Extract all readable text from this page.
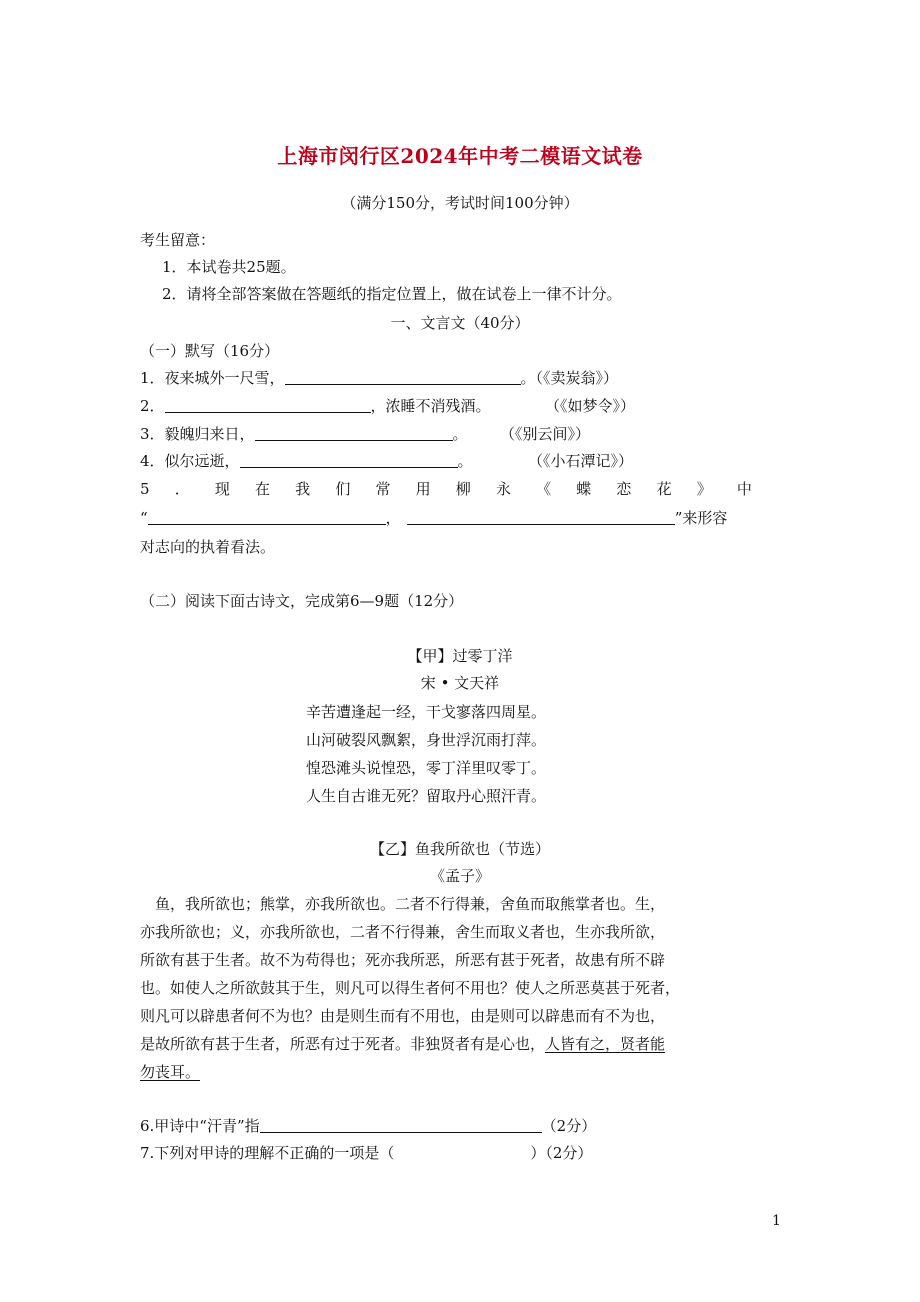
上海市闵行区2024年中考二模语文试卷
（满分150分，考试时间100分钟）
考生留意：
1．本试卷共25题。
2．请将全部答案做在答题纸的指定位置上，做在试卷上一律不计分。
一、文言文（40分）
（一）默写（16分）
1．夜来城外一尺雪，	。（《卖炭翁》）
2．	，浓睡不消残酒。	（《如梦令》）
3．毅魄归来日，	。 （《别云间》）
4．似尔远逝，	。	（《小石潭记》）
5 ． 现 在 我 们 常 用 柳 永 《 蝶 恋 花 》 中
“	，	”来形容
对志向的执着看法。
（二）阅读下面古诗文，完成第6—9题（12分）
【甲】过零丁洋
宋 • 文天祥
辛苦遭逢起一经，干戈寥落四周星。
山河破裂风飘絮，身世浮沉雨打萍。
惶恐滩头说惶恐，零丁洋里叹零丁。
人生自古谁无死？留取丹心照汗青。
【乙】鱼我所欲也（节选）
《孟子》
　鱼，我所欲也；熊掌，亦我所欲也。二者不行得兼，舍鱼而取熊掌者也。生，
亦我所欲也；义，亦我所欲也，二者不行得兼，舍生而取义者也，生亦我所欲，
所欲有甚于生者。故不为苟得也；死亦我所恶，所恶有甚于死者，故患有所不辟
也。如使人之所欲鼓其于生，则凡可以得生者何不用也？使人之所恶莫甚于死者，
则凡可以辟患者何不为也？由是则生而有不用也，由是则可以辟患而有不为也，
是故所欲有甚于生者，所恶有过于死者。非独贤者有是心也，人皆有之，贤者能
勿丧耳。
6.甲诗中“汗青”指	（2分）
7.下列对甲诗的理解不正确的一项是（	）（2分）
1
